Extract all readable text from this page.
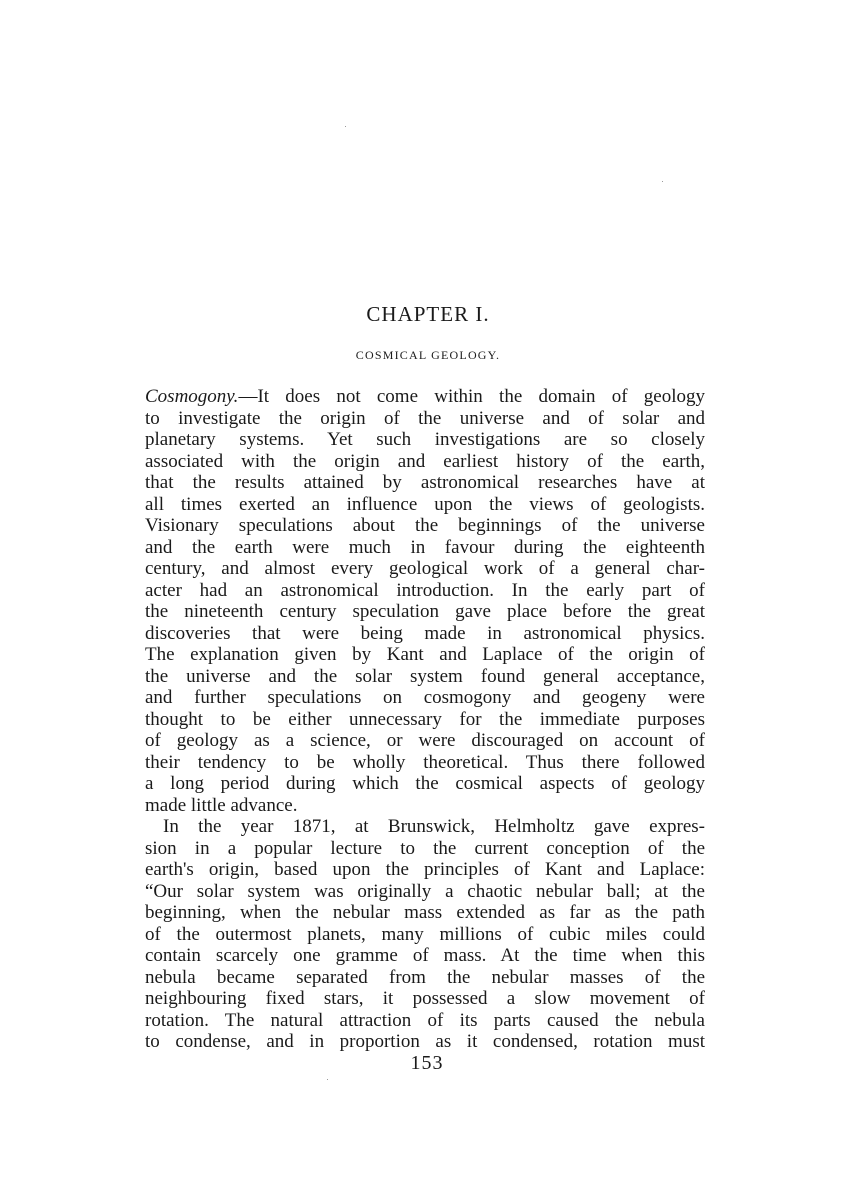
CHAPTER I.
COSMICAL GEOLOGY.
Cosmogony.—It does not come within the domain of geology
to investigate the origin of the universe and of solar and
planetary systems. Yet such investigations are so closely
associated with the origin and earliest history of the earth,
that the results attained by astronomical researches have at
all times exerted an influence upon the views of geologists.
Visionary speculations about the beginnings of the universe
and the earth were much in favour during the eighteenth
century, and almost every geological work of a general char-
acter had an astronomical introduction. In the early part of
the nineteenth century speculation gave place before the great
discoveries that were being made in astronomical physics.
The explanation given by Kant and Laplace of the origin of
the universe and the solar system found general acceptance,
and further speculations on cosmogony and geogeny were
thought to be either unnecessary for the immediate purposes
of geology as a science, or were discouraged on account of
their tendency to be wholly theoretical. Thus there followed
a long period during which the cosmical aspects of geology
made little advance.
In the year 1871, at Brunswick, Helmholtz gave expres-
sion in a popular lecture to the current conception of the
earth's origin, based upon the principles of Kant and Laplace:
“Our solar system was originally a chaotic nebular ball; at the
beginning, when the nebular mass extended as far as the path
of the outermost planets, many millions of cubic miles could
contain scarcely one gramme of mass. At the time when this
nebula became separated from the nebular masses of the
neighbouring fixed stars, it possessed a slow movement of
rotation. The natural attraction of its parts caused the nebula
to condense, and in proportion as it condensed, rotation must
153
